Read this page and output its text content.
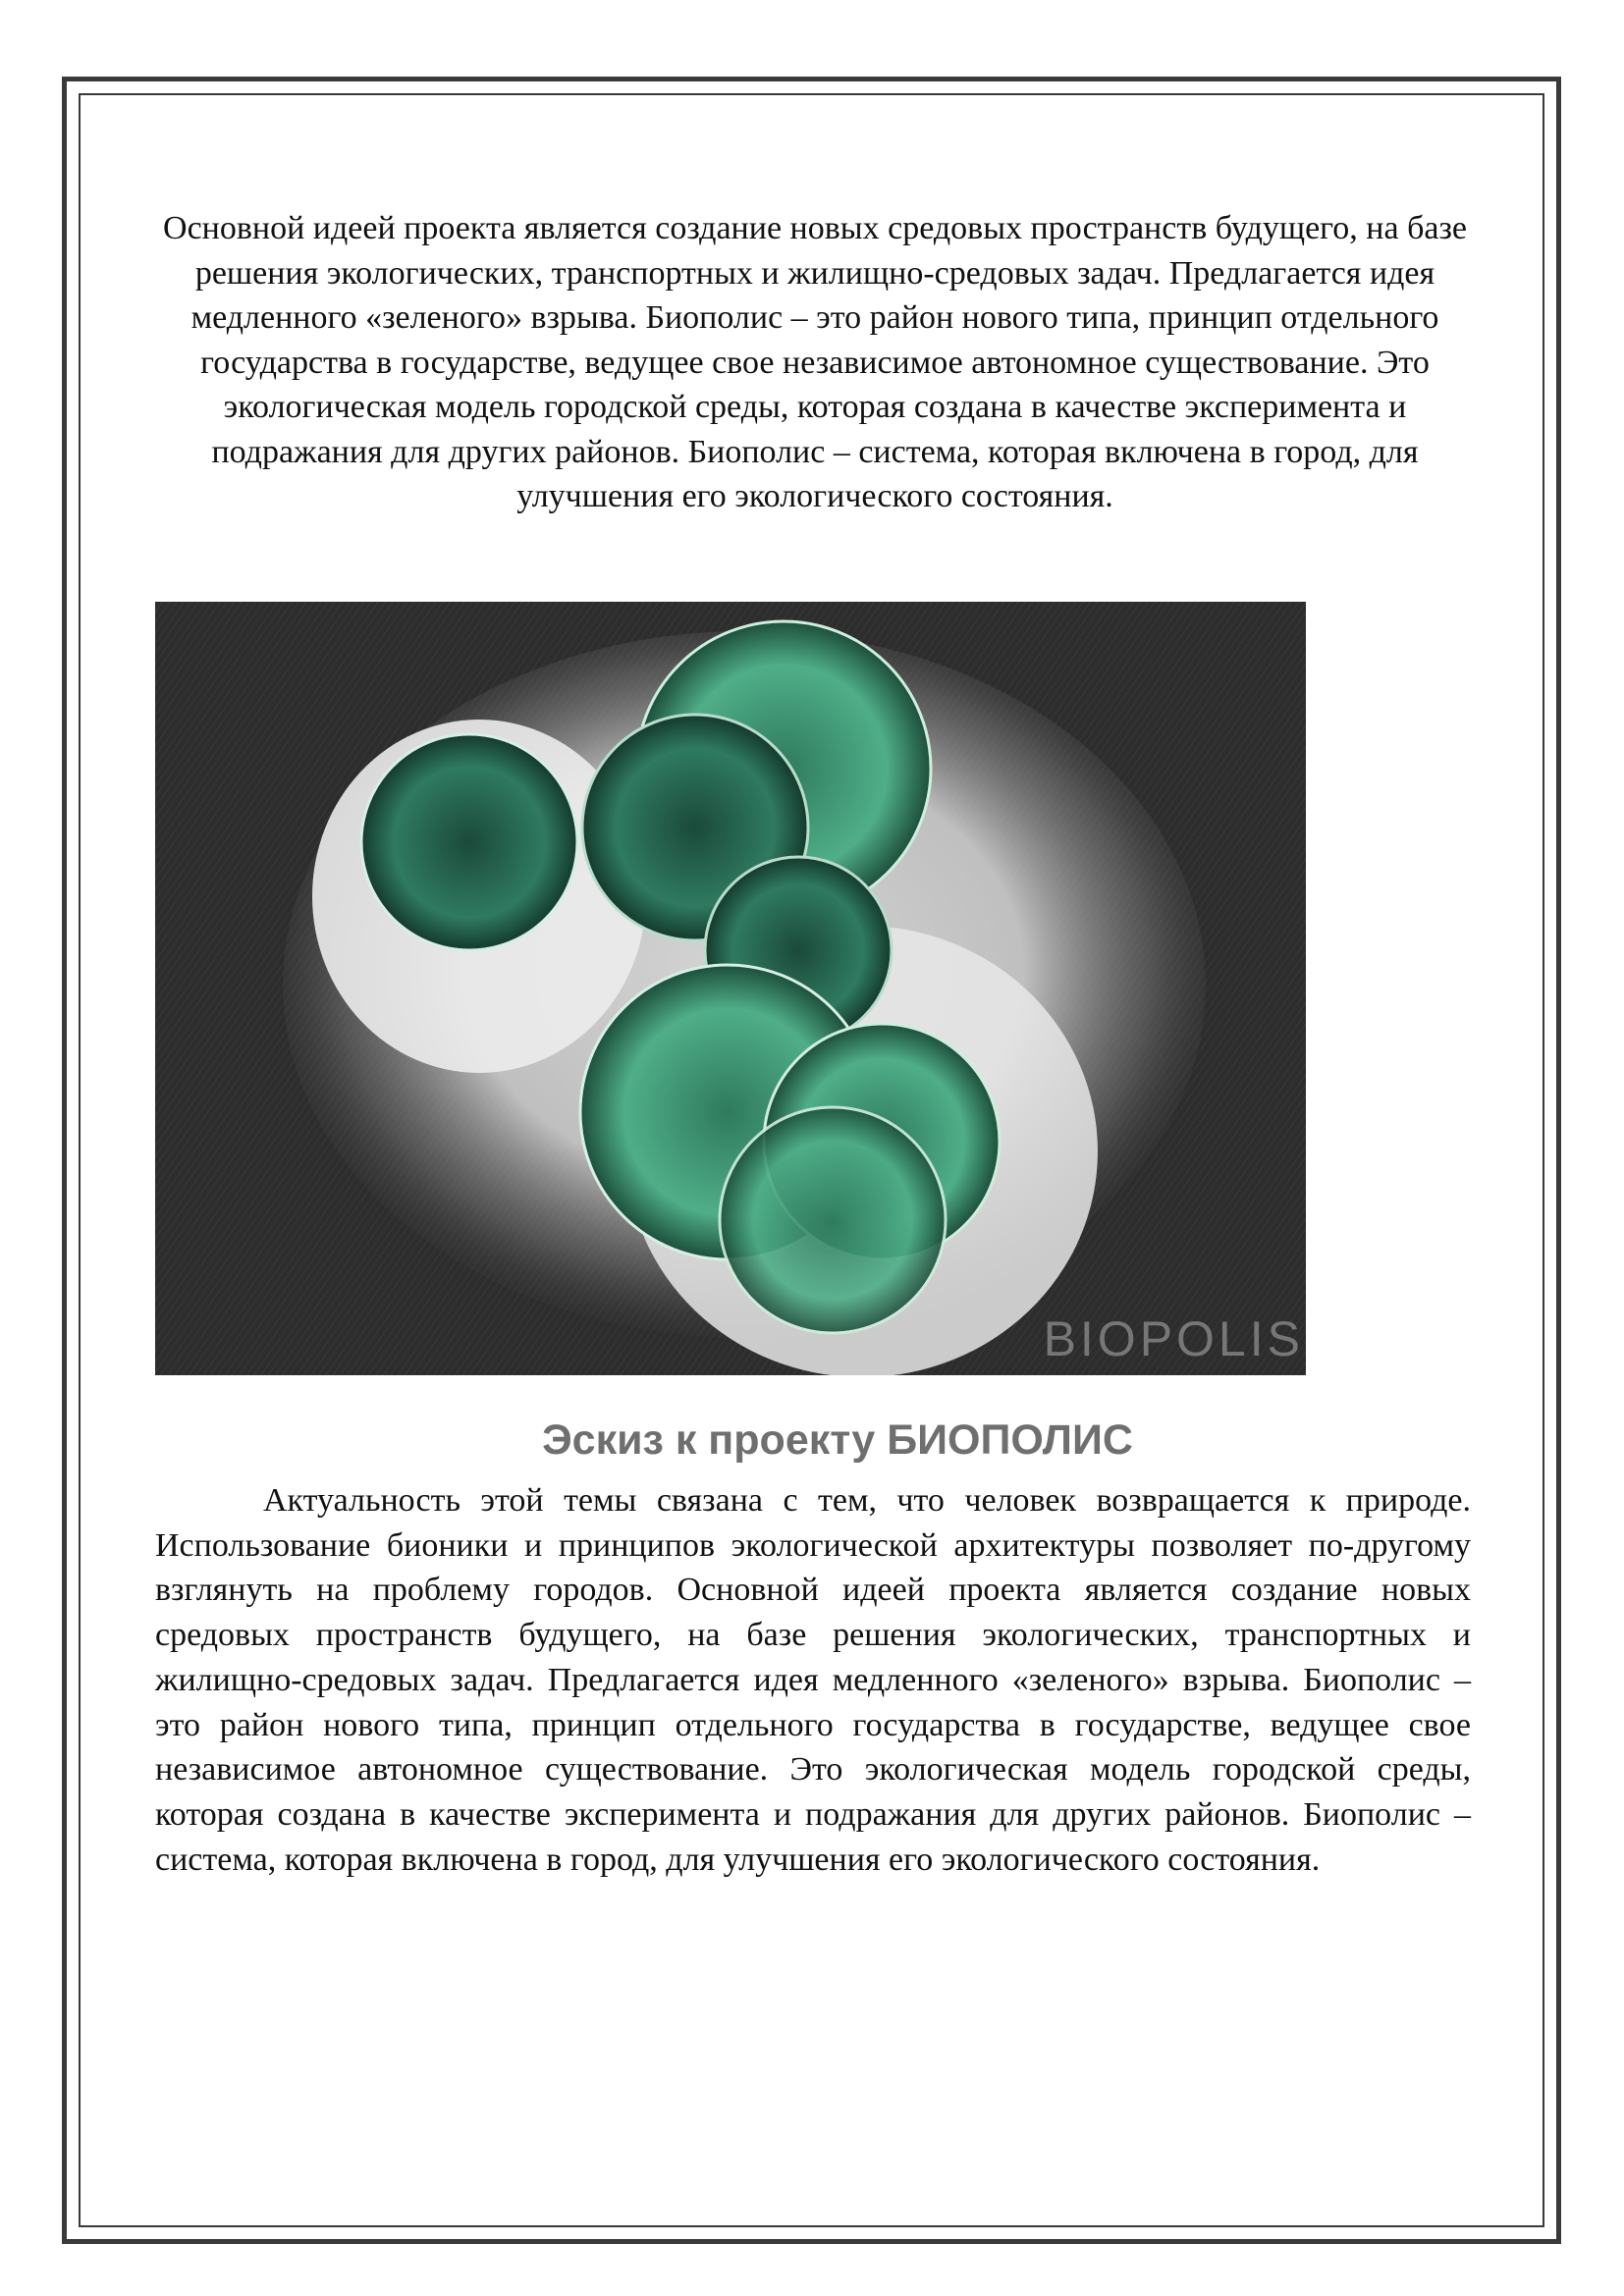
Основной идеей проекта является создание новых средовых пространств будущего, на базе решения экологических, транспортных и жилищно-средовых задач. Предлагается идея медленного «зеленого» взрыва. Биополис – это район нового типа, принцип отдельного государства в государстве, ведущее свое независимое автономное существование. Это экологическая модель городской среды, которая создана в качестве эксперимента и подражания для других районов. Биополис – система, которая включена в город, для улучшения его экологического состояния.

BIOPOLIS
Эскиз к проекту БИОПОЛИС

Актуальность этой темы связана с тем, что человек возвращается к природе. Использование бионики и принципов экологической архитектуры позволяет по-другому взглянуть на проблему городов. Основной идеей проекта является создание новых средовых пространств будущего, на базе решения экологических, транспортных и жилищно-средовых задач. Предлагается идея медленного «зеленого» взрыва. Биополис – это район нового типа, принцип отдельного государства в государстве, ведущее свое независимое автономное существование. Это экологическая модель городской среды, которая создана в качестве эксперимента и подражания для других районов. Биополис – система, которая включена в город, для улучшения его экологического состояния.
